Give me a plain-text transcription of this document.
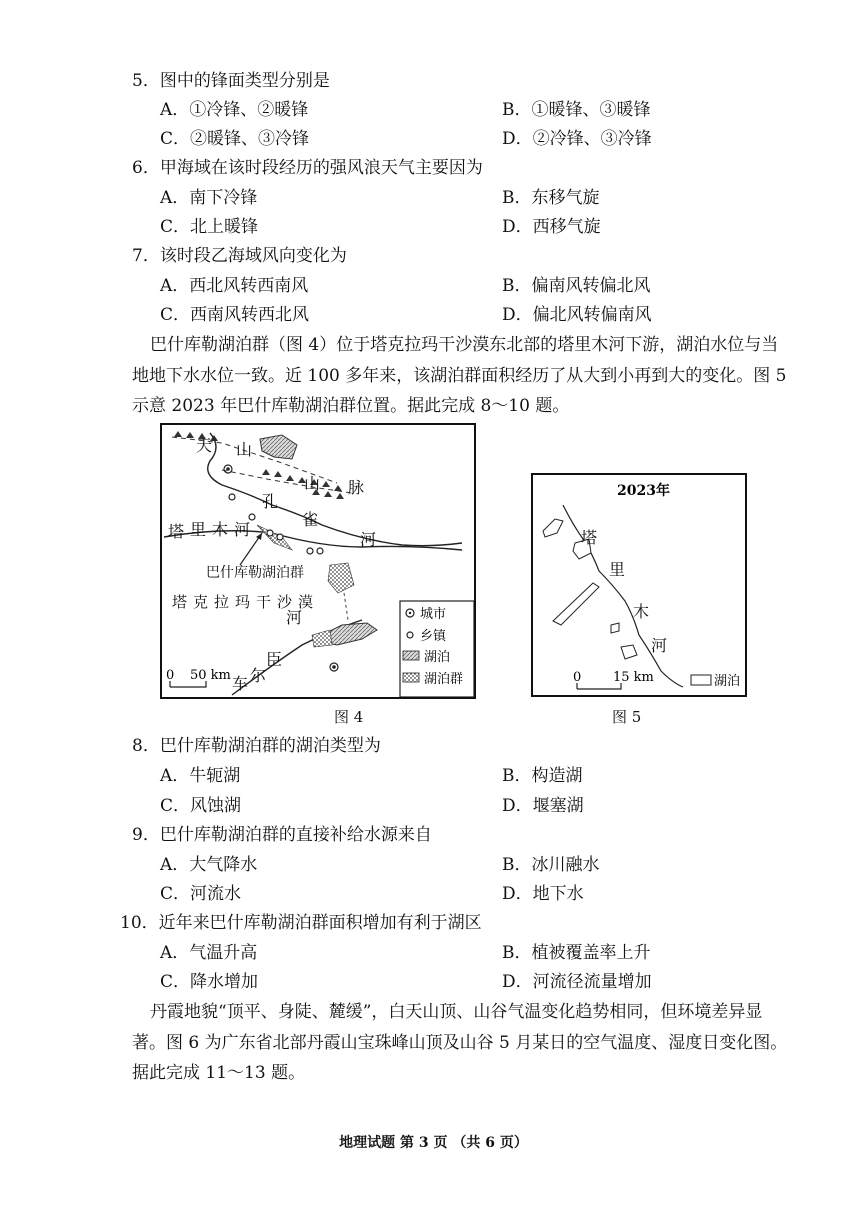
5．图中的锋面类型分别是
A．①冷锋、②暖锋	B．①暖锋、③暖锋
C．②暖锋、③冷锋	D．②冷锋、③冷锋
6．甲海域在该时段经历的强风浪天气主要因为
A．南下冷锋	B．东移气旋
C．北上暖锋	D．西移气旋
7．该时段乙海域风向变化为
A．西北风转西南风	B．偏南风转偏北风
C．西南风转西北风	D．偏北风转偏南风
巴什库勒湖泊群（图 4）位于塔克拉玛干沙漠东北部的塔里木河下游，湖泊水位与当
地地下水水位一致。近 100 多年来，该湖泊群面积经历了从大到小再到大的变化。图 5
示意 2023 年巴什库勒湖泊群位置。据此完成 8～10 题。
天 山
山 脉
孔
雀
河
塔 里 木 河
巴什库勒湖泊群
塔克拉玛干沙漠
河
臣
尔
车
0 50 km
城市
乡镇
湖泊
湖泊群
图 4
2023年
塔
里
木
河
0 15 km	湖泊
图 5
8．巴什库勒湖泊群的湖泊类型为
A．牛轭湖	B．构造湖
C．风蚀湖	D．堰塞湖
9．巴什库勒湖泊群的直接补给水源来自
A．大气降水	B．冰川融水
C．河流水	D．地下水
10．近年来巴什库勒湖泊群面积增加有利于湖区
A．气温升高	B．植被覆盖率上升
C．降水增加	D．河流径流量增加
丹霞地貌“顶平、身陡、麓缓”，白天山顶、山谷气温变化趋势相同，但环境差异显
著。图 6 为广东省北部丹霞山宝珠峰山顶及山谷 5 月某日的空气温度、湿度日变化图。
据此完成 11～13 题。
地理试题 第 3 页 （共 6 页）
